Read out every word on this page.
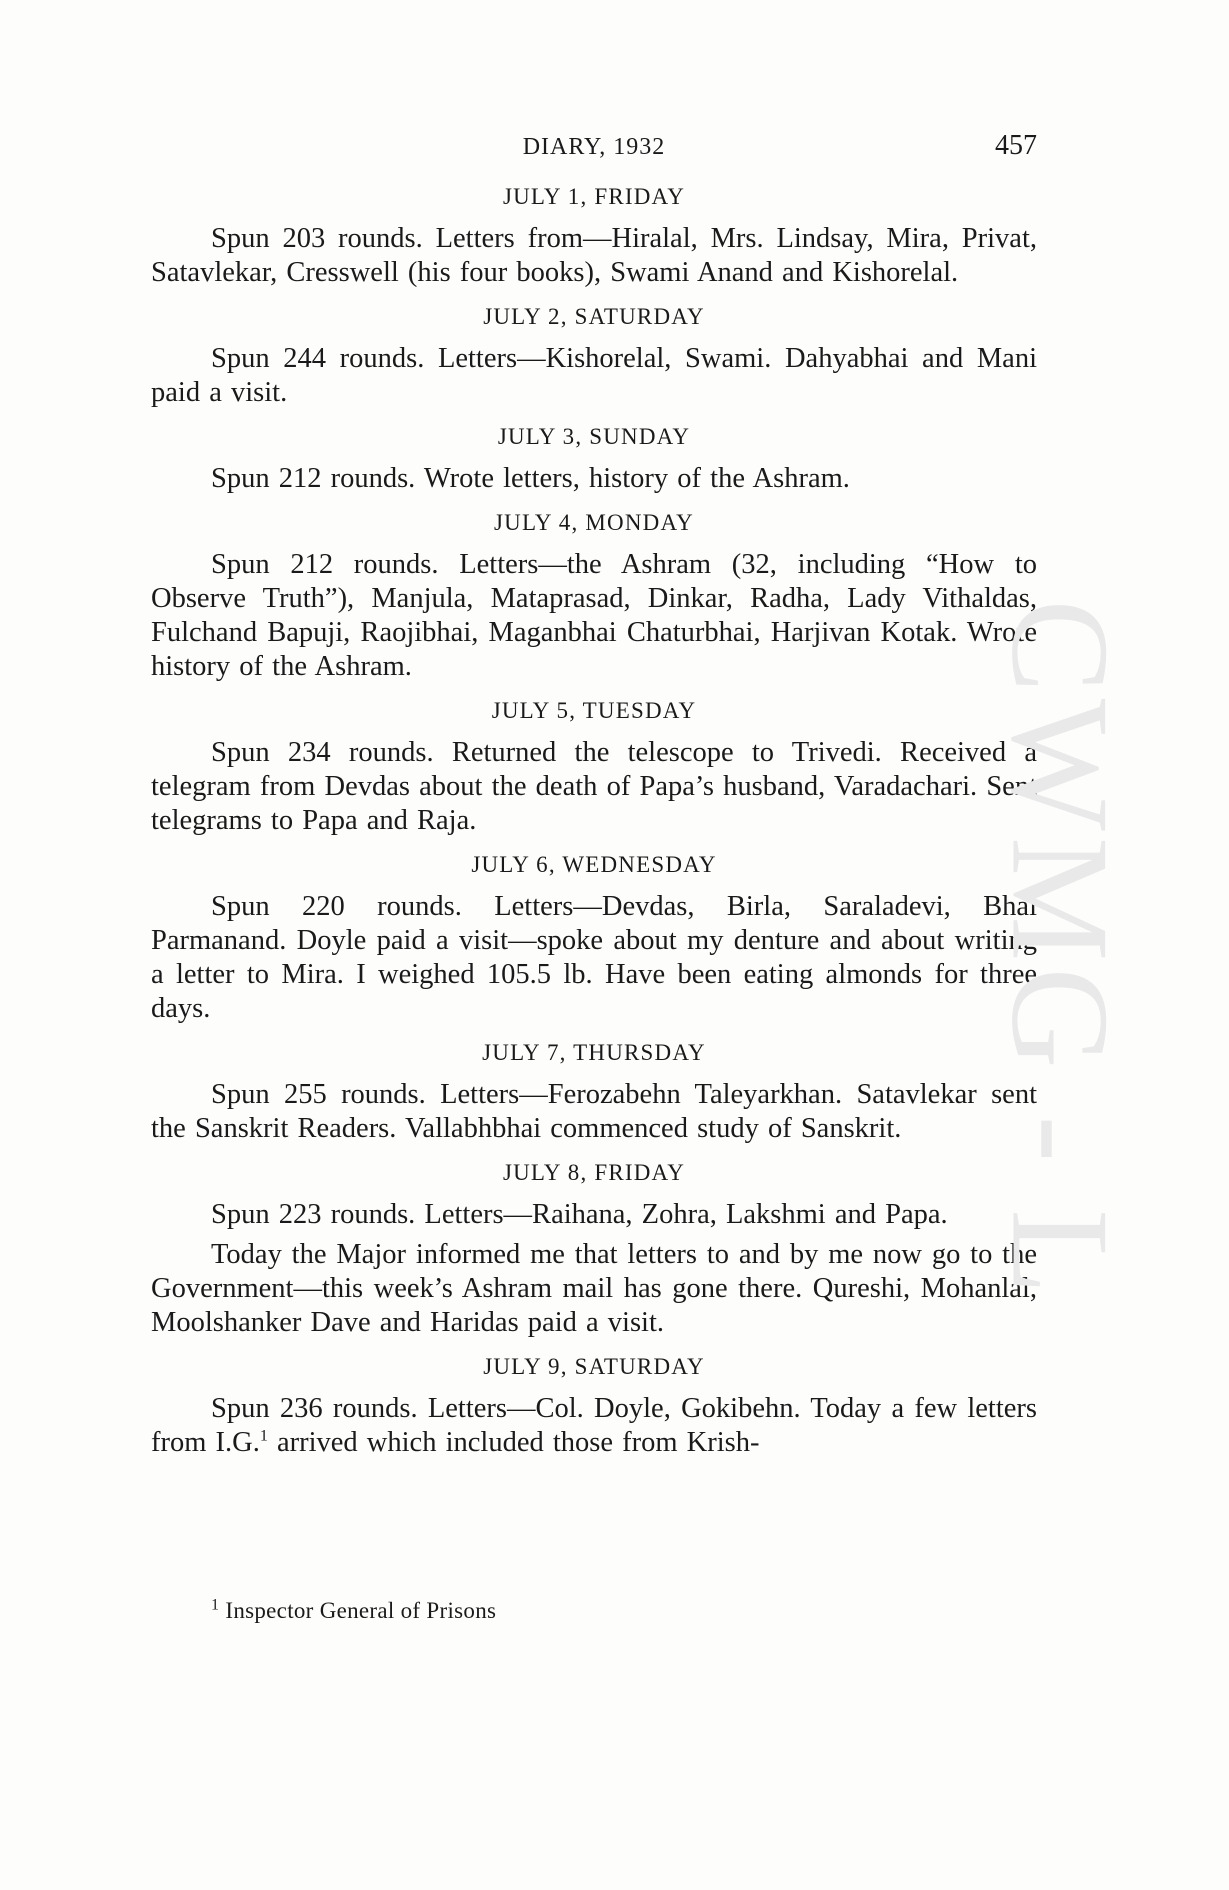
DIARY, 1932	457
JULY 1, FRIDAY

Spun 203 rounds. Letters from—Hiralal, Mrs. Lindsay, Mira, Privat, Satavlekar, Cresswell (his four books), Swami Anand and Kishorelal.

JULY 2, SATURDAY

Spun 244 rounds. Letters—Kishorelal, Swami. Dahyabhai and Mani paid a visit.

JULY 3, SUNDAY

Spun 212 rounds. Wrote letters, history of the Ashram.

JULY 4, MONDAY

Spun 212 rounds. Letters—the Ashram (32, including “How to Observe Truth”), Manjula, Mataprasad, Dinkar, Radha, Lady Vithaldas, Fulchand Bapuji, Raojibhai, Maganbhai Chaturbhai, Harjivan Kotak. Wrote history of the Ashram.

JULY 5, TUESDAY

Spun 234 rounds. Returned the telescope to Trivedi. Received a telegram from Devdas about the death of Papa’s husband, Varadachari. Sent telegrams to Papa and Raja.

JULY 6, WEDNESDAY

Spun 220 rounds. Letters—Devdas, Birla, Saraladevi, Bhai Parmanand. Doyle paid a visit—spoke about my denture and about writing a letter to Mira. I weighed 105.5 lb. Have been eating almonds for three days.

JULY 7, THURSDAY

Spun 255 rounds. Letters—Ferozabehn Taleyarkhan. Satavlekar sent the Sanskrit Readers. Vallabhbhai commenced study of Sanskrit.

JULY 8, FRIDAY

Spun 223 rounds. Letters—Raihana, Zohra, Lakshmi and Papa.

Today the Major informed me that letters to and by me now go to the Government—this week’s Ashram mail has gone there. Qureshi, Mohanlal, Moolshanker Dave and Haridas paid a visit.

JULY 9, SATURDAY

Spun 236 rounds. Letters—Col. Doyle, Gokibehn. Today a few letters from I.G.$^1$ arrived which included those from Krish-

$^1$ Inspector General of Prisons
CWMG - L
